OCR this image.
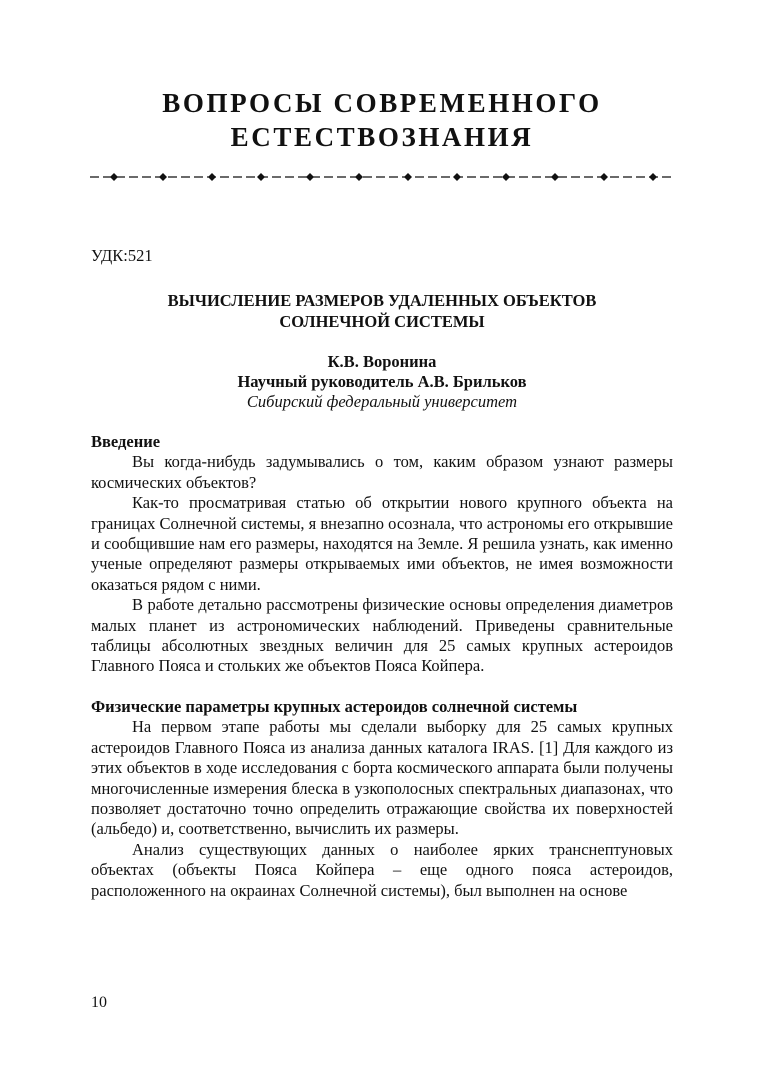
ВОПРОСЫ СОВРЕМЕННОГО
ЕСТЕСТВОЗНАНИЯ
УДК:521
ВЫЧИСЛЕНИЕ РАЗМЕРОВ УДАЛЕННЫХ ОБЪЕКТОВ
СОЛНЕЧНОЙ СИСТЕМЫ
К.В. Воронина
Научный руководитель А.В. Брильков
Сибирский федеральный университет
Введение

Вы когда-нибудь задумывались о том, каким образом узнают размеры космических объектов?

Как-то просматривая статью об открытии нового крупного объекта на границах Солнечной системы, я внезапно осознала, что астрономы его открывшие и сообщившие нам его размеры, находятся на Земле. Я решила узнать, как именно ученые определяют размеры открываемых ими объектов, не имея возможности оказаться рядом с ними.

В работе детально рассмотрены физические основы определения диаметров малых планет из астрономических наблюдений. Приведены сравнительные таблицы абсолютных звездных величин для 25 самых крупных астероидов Главного Пояса и стольких же объектов Пояса Койпера.

Физические параметры крупных астероидов солнечной системы

На первом этапе работы мы сделали выборку для 25 самых крупных астероидов Главного Пояса из анализа данных каталога IRAS. [1] Для каждого из этих объектов в ходе исследования с борта космического аппарата были получены многочисленные измерения блеска в узкополосных спектральных диапазонах, что позволяет достаточно точно определить отражающие свойства их поверхностей (альбедо) и, соответственно, вычислить их размеры.

Анализ существующих данных о наиболее ярких транснептуновых объектах (объекты Пояса Койпера – еще одного пояса астероидов, расположенного на окраинах Солнечной системы), был выполнен на основе

10
